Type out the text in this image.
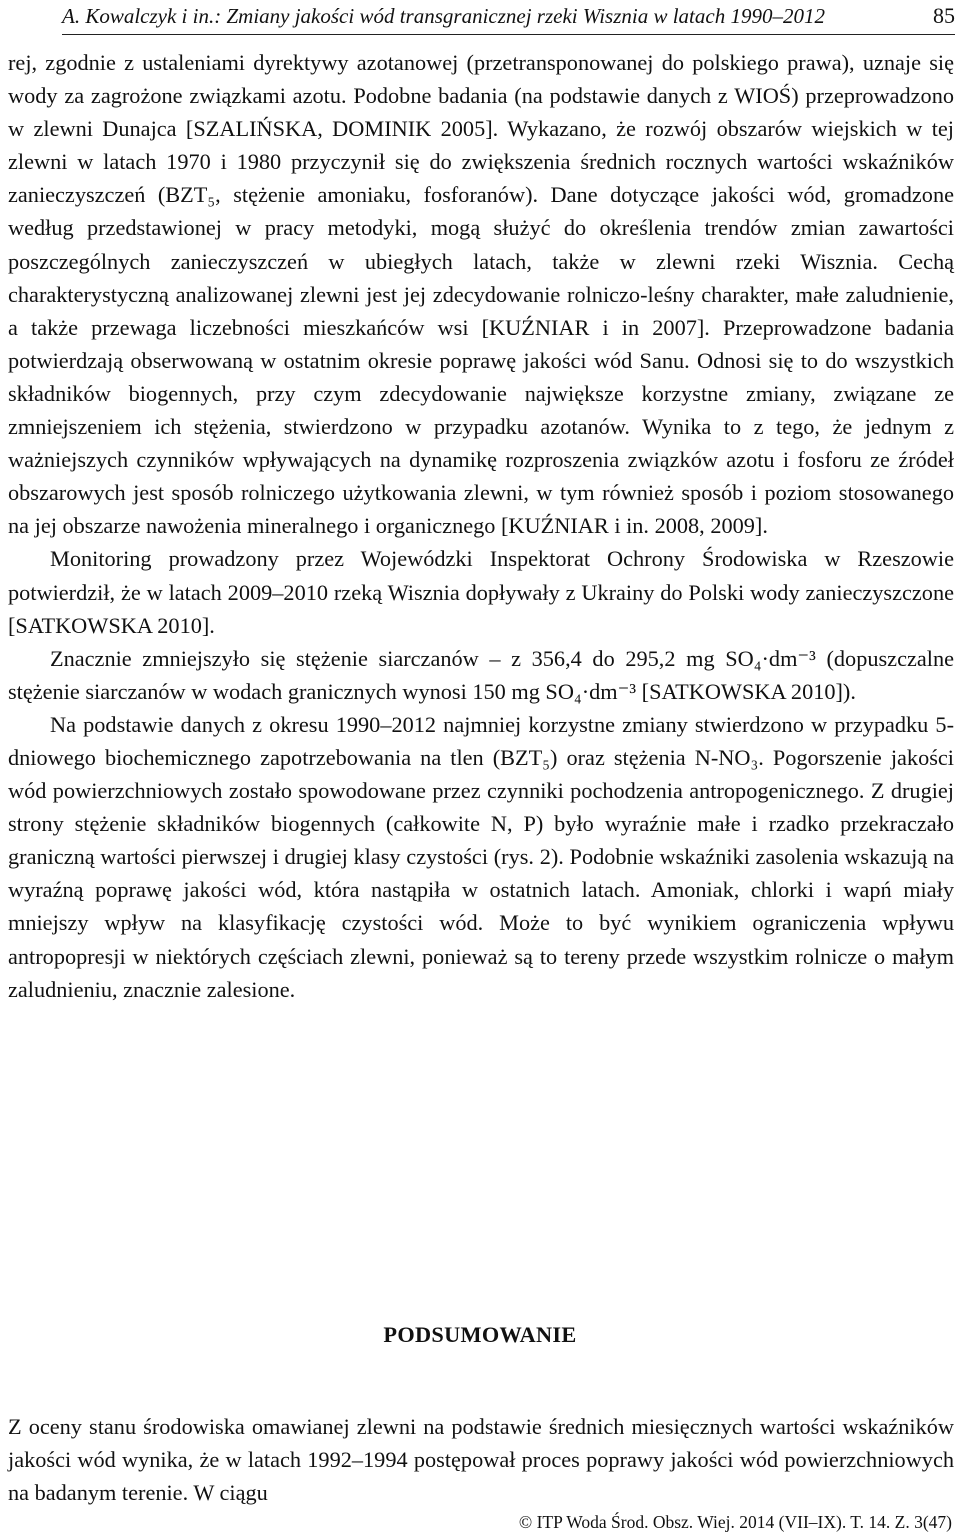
A. Kowalczyk i in.: Zmiany jakości wód transgranicznej rzeki Wisznia w latach 1990–2012	85

rej, zgodnie z ustaleniami dyrektywy azotanowej (przetransponowanej do polskiego prawa), uznaje się wody za zagrożone związkami azotu. Podobne badania (na podstawie danych z WIOŚ) przeprowadzono w zlewni Dunajca [SZALIŃSKA, DOMINIK 2005]. Wykazano, że rozwój obszarów wiejskich w tej zlewni w latach 1970 i 1980 przyczynił się do zwiększenia średnich rocznych wartości wskaźników zanieczyszczeń (BZT₅, stężenie amoniaku, fosforanów). Dane dotyczące jakości wód, gromadzone według przedstawionej w pracy metodyki, mogą służyć do określenia trendów zmian zawartości poszczególnych zanieczyszczeń w ubiegłych latach, także w zlewni rzeki Wisznia. Cechą charakterystyczną analizowanej zlewni jest jej zdecydowanie rolniczo-leśny charakter, małe zaludnienie, a także przewaga liczebności mieszkańców wsi [KUŹNIAR i in 2007]. Przeprowadzone badania potwierdzają obserwowaną w ostatnim okresie poprawę jakości wód Sanu. Odnosi się to do wszystkich składników biogennych, przy czym zdecydowanie największe korzystne zmiany, związane ze zmniejszeniem ich stężenia, stwierdzono w przypadku azotanów. Wynika to z tego, że jednym z ważniejszych czynników wpływających na dynamikę rozproszenia związków azotu i fosforu ze źródeł obszarowych jest sposób rolniczego użytkowania zlewni, w tym również sposób i poziom stosowanego na jej obszarze nawożenia mineralnego i organicznego [KUŹNIAR i in. 2008, 2009].

Monitoring prowadzony przez Wojewódzki Inspektorat Ochrony Środowiska w Rzeszowie potwierdził, że w latach 2009–2010 rzeką Wisznia dopływały z Ukrainy do Polski wody zanieczyszczone [SATKOWSKA 2010].

Znacznie zmniejszyło się stężenie siarczanów – z 356,4 do 295,2 mg SO₄·dm⁻³ (dopuszczalne stężenie siarczanów w wodach granicznych wynosi 150 mg SO₄·dm⁻³ [SATKOWSKA 2010]).

Na podstawie danych z okresu 1990–2012 najmniej korzystne zmiany stwierdzono w przypadku 5-dniowego biochemicznego zapotrzebowania na tlen (BZT₅) oraz stężenia N-NO₃. Pogorszenie jakości wód powierzchniowych zostało spowodowane przez czynniki pochodzenia antropogenicznego. Z drugiej strony stężenie składników biogennych (całkowite N, P) było wyraźnie małe i rzadko przekraczało graniczną wartości pierwszej i drugiej klasy czystości (rys. 2). Podobnie wskaźniki zasolenia wskazują na wyraźną poprawę jakości wód, która nastąpiła w ostatnich latach. Amoniak, chlorki i wapń miały mniejszy wpływ na klasyfikację czystości wód. Może to być wynikiem ograniczenia wpływu antropopresji w niektórych częściach zlewni, ponieważ są to tereny przede wszystkim rolnicze o małym zaludnieniu, znacznie zalesione.

PODSUMOWANIE

Z oceny stanu środowiska omawianej zlewni na podstawie średnich miesięcznych wartości wskaźników jakości wód wynika, że w latach 1992–1994 postępował proces poprawy jakości wód powierzchniowych na badanym terenie. W ciągu

© ITP Woda Środ. Obsz. Wiej. 2014 (VII–IX). T. 14. Z. 3(47)
